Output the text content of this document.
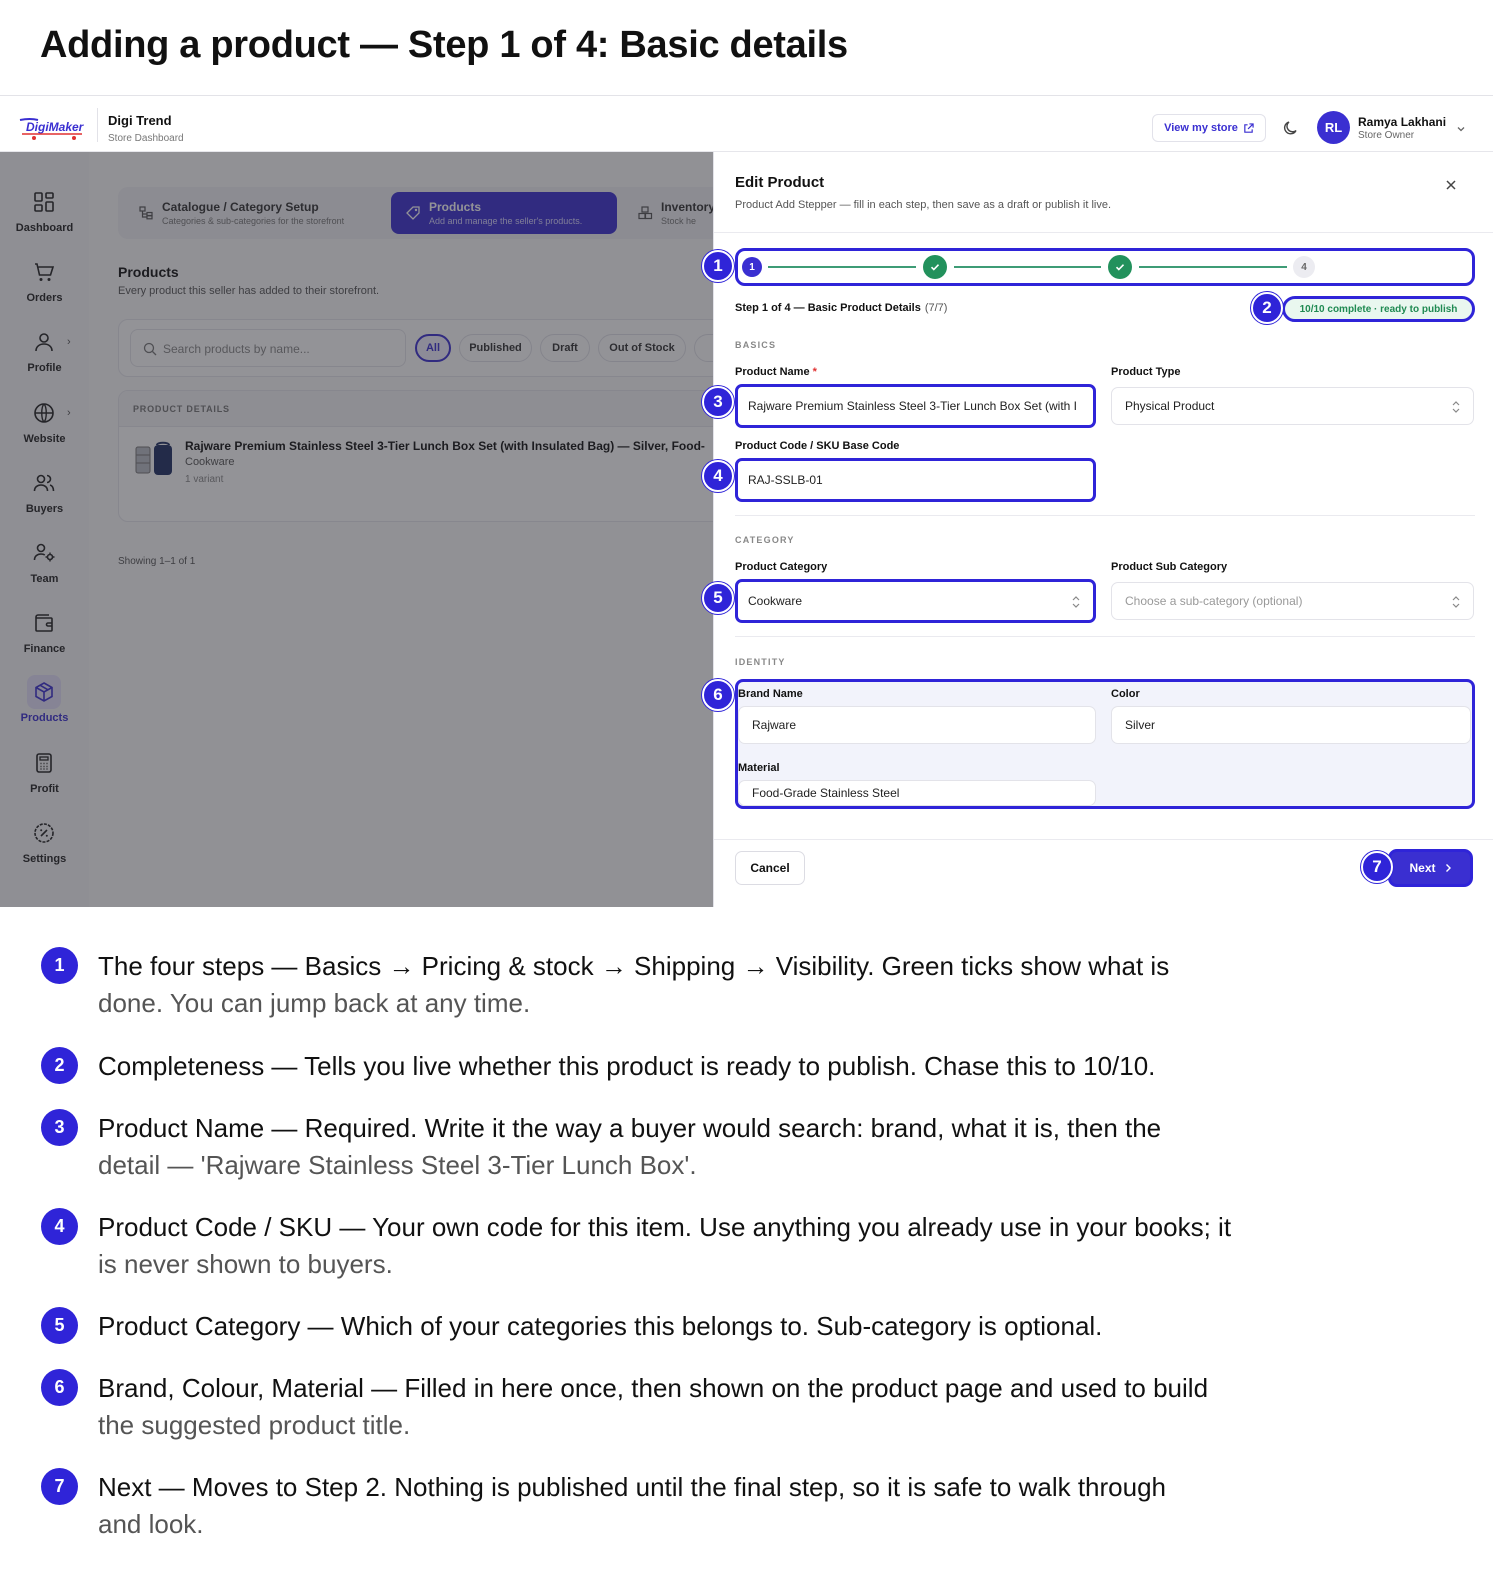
Adding a product — Step 1 of 4: Basic details
DigiMaker Digi Trend
Store Dashboard
View my store	RL	Ramya Lakhani
Store Owner
Edit Product
Product Add Stepper — fill in each step, then save as a draft or publish it live.
1	4
Step 1 of 4 — Basic Product Details (7/7)	10/10 complete · ready to publish
BASICS
Product Name *
Rajware Premium Stainless Steel 3-Tier Lunch Box Set (with I
Product Type
Physical Product
Product Code / SKU Base Code
RAJ-SSLB-01
CATEGORY
Product Category
Cookware
Product Sub Category
Choose a sub-category (optional)
IDENTITY
Brand Name
Rajware
Color
Silver
Material
Food-Grade Stainless Steel
Cancel	Next
1
2
3
4
5
6
7
1	The four steps — Basics → Pricing & stock → Shipping → Visibility. Green ticks show what is
done. You can jump back at any time.
2	Completeness — Tells you live whether this product is ready to publish. Chase this to 10/10.
3	Product Name — Required. Write it the way a buyer would search: brand, what it is, then the
detail — 'Rajware Stainless Steel 3-Tier Lunch Box'.
4	Product Code / SKU — Your own code for this item. Use anything you already use in your books; it
is never shown to buyers.
5	Product Category — Which of your categories this belongs to. Sub-category is optional.
6	Brand, Colour, Material — Filled in here once, then shown on the product page and used to build
the suggested product title.
7	Next — Moves to Step 2. Nothing is published until the final step, so it is safe to walk through
and look.
